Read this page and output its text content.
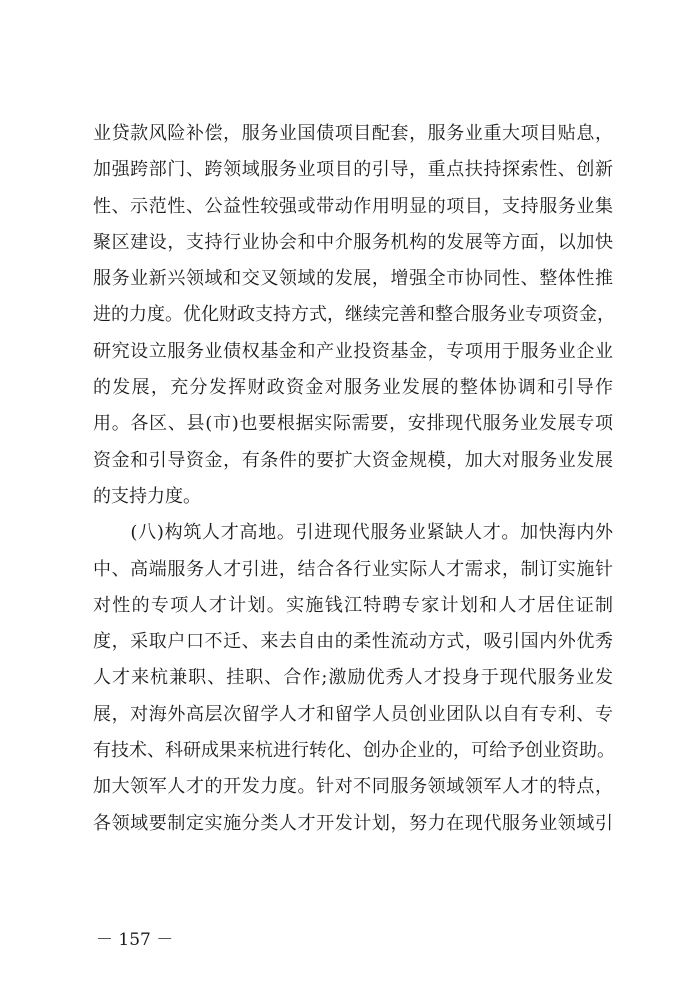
业贷款风险补偿，服务业国债项目配套，服务业重大项目贴息，
加强跨部门、跨领域服务业项目的引导，重点扶持探索性、创新
性、示范性、公益性较强或带动作用明显的项目，支持服务业集
聚区建设，支持行业协会和中介服务机构的发展等方面，以加快
服务业新兴领域和交叉领域的发展，增强全市协同性、整体性推
进的力度。优化财政支持方式，继续完善和整合服务业专项资金，
研究设立服务业债权基金和产业投资基金，专项用于服务业企业
的发展，充分发挥财政资金对服务业发展的整体协调和引导作
用。各区、县(市)也要根据实际需要，安排现代服务业发展专项
资金和引导资金，有条件的要扩大资金规模，加大对服务业发展
的支持力度。
　　(八)构筑人才高地。引进现代服务业紧缺人才。加快海内外
中、高端服务人才引进，结合各行业实际人才需求，制订实施针
对性的专项人才计划。实施钱江特聘专家计划和人才居住证制
度，采取户口不迁、来去自由的柔性流动方式，吸引国内外优秀
人才来杭兼职、挂职、合作;激励优秀人才投身于现代服务业发
展，对海外高层次留学人才和留学人员创业团队以自有专利、专
有技术、科研成果来杭进行转化、创办企业的，可给予创业资助。
加大领军人才的开发力度。针对不同服务领域领军人才的特点，
各领域要制定实施分类人才开发计划，努力在现代服务业领域引
－ 157 －
